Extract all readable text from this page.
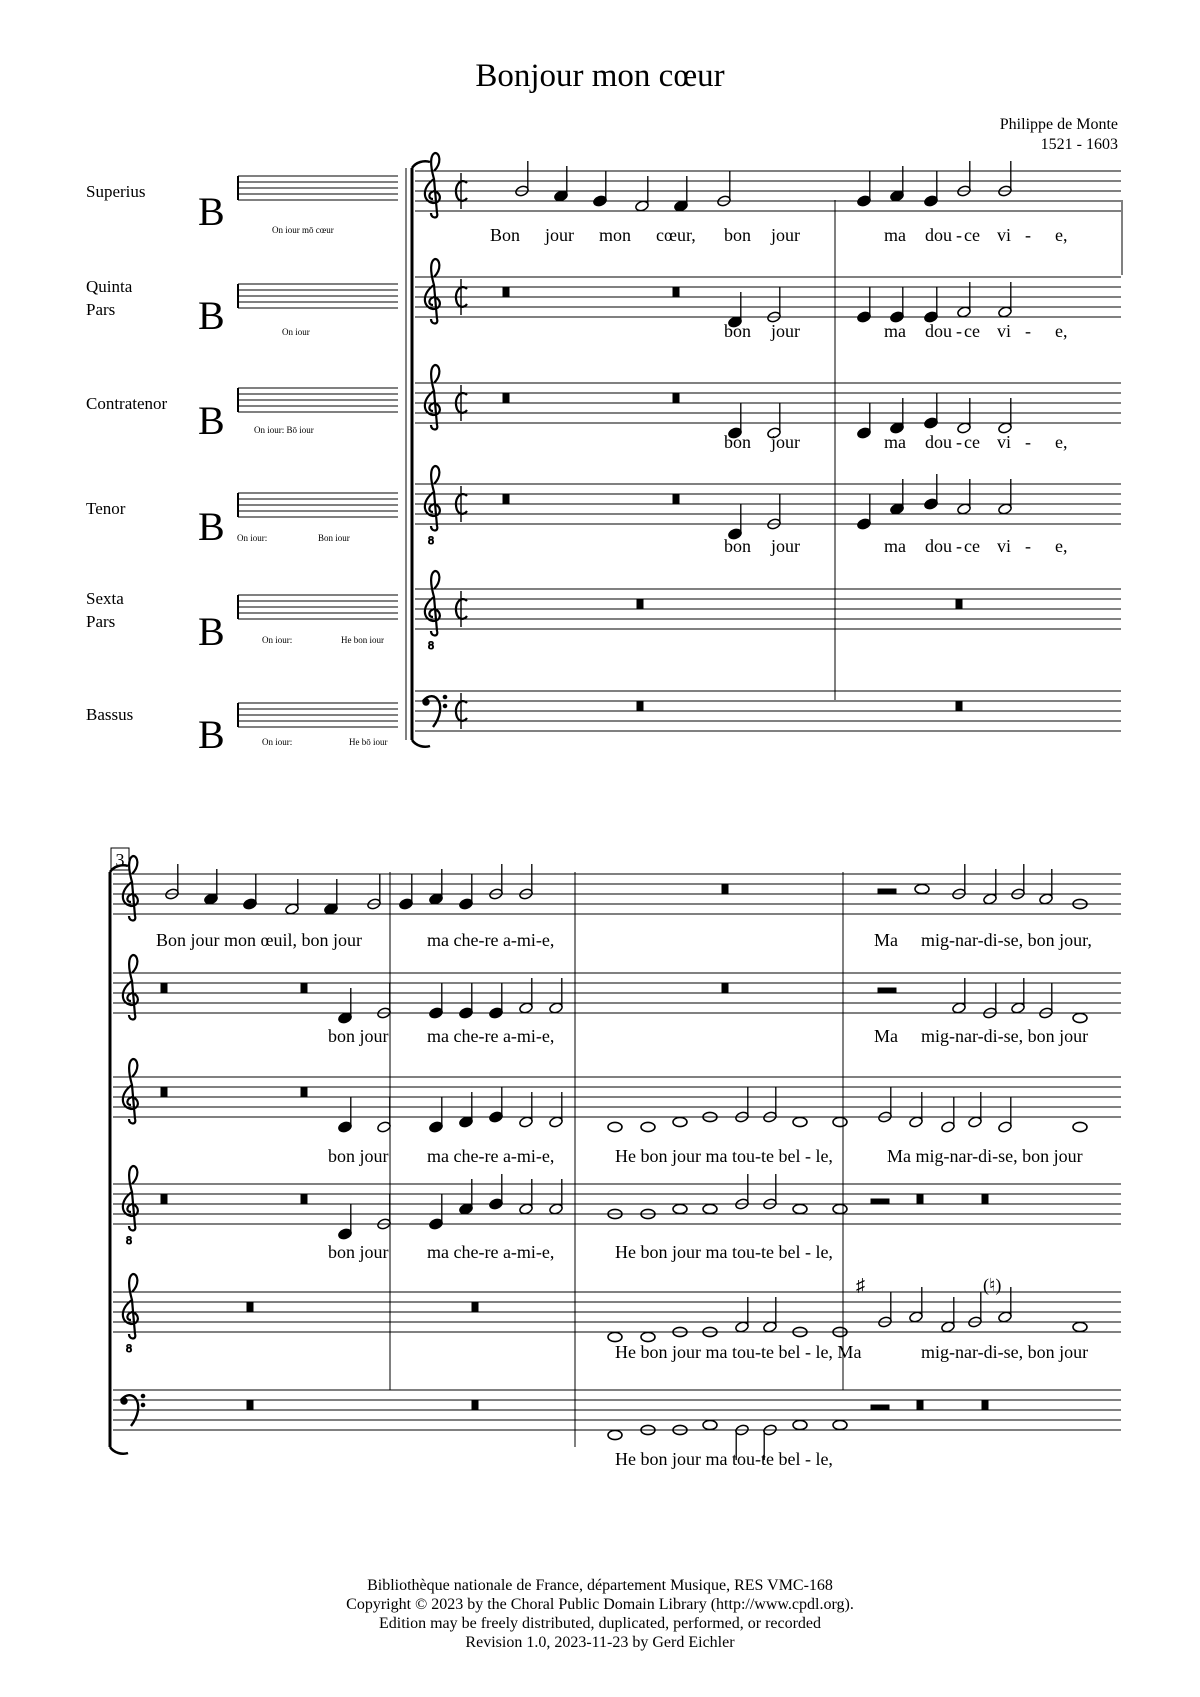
Bonjour mon cœur
Philippe de Monte
1521 - 1603
Superius
Quinta Pars
Contratenor
Tenor
Sexta Pars
Bassus
8
8
8
8
3
B
B
B
B
B
B
On iour mō cœur
On iour
On iour: Bō iour
On iour:	Bon iour
On iour:	He bon iour
On iour:	He bō iour
Bon jour mon cœur, bon jour	ma dou - ce vi - e,
bon jour	ma dou - ce vi - e,
bon jour	ma dou - ce vi - e,
bon jour	ma dou - ce vi - e,
Bon jour mon œuil, bon jour	ma che-re a-mi-e,	Ma mig-nar-di-se, bon jour,
bon jour ma che-re a-mi-e,	Ma mig-nar-di-se, bon jour
bon jour ma che-re a-mi-e,	He bon jour ma tou-te bel - le,	Ma mig-nar-di-se, bon jour
bon jour ma che-re a-mi-e,	He bon jour ma tou-te bel - le,
He bon jour ma tou-te bel - le, Ma	mig-nar-di-se, bon jour
He bon jour ma tou-te bel - le,
♯	(♮)
Bibliothèque nationale de France, département Musique, RES VMC-168
Copyright © 2023 by the Choral Public Domain Library (http://www.cpdl.org).
Edition may be freely distributed, duplicated, performed, or recorded
Revision 1.0, 2023-11-23 by Gerd Eichler
